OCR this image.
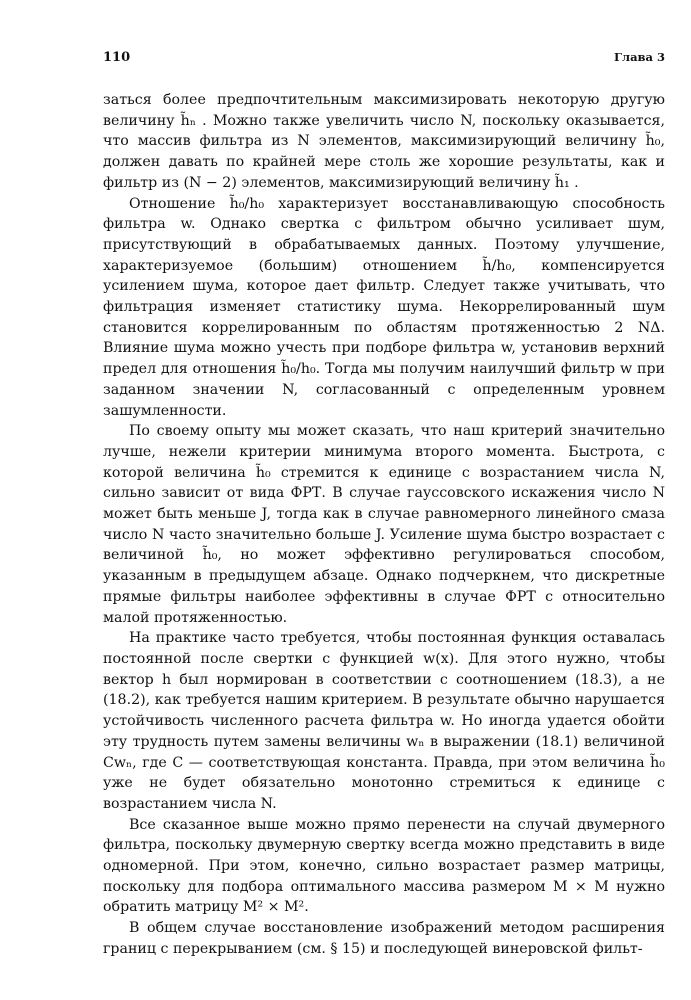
110	Глава 3

заться более предпочтительным максимизировать некоторую другую величину h̃ₙ . Можно также увеличить число N, поскольку оказывается, что массив фильтра из N элементов, максимизирующий величину h̃₀, должен давать по крайней мере столь же хорошие результаты, как и фильтр из (N − 2) элементов, максимизирующий величину h̃₁ .

Отношение h̃₀/h₀ характеризует восстанавливающую способность фильтра w. Однако свертка с фильтром обычно усиливает шум, присутствующий в обрабатываемых данных. Поэтому улучшение, характеризуемое (большим) отношением h̃/h₀, компенсируется усилением шума, которое дает фильтр. Следует также учитывать, что фильтрация изменяет статистику шума. Некоррелированный шум становится коррелированным по областям протяженностью 2 NΔ. Влияние шума можно учесть при подборе фильтра w, установив верхний предел для отношения h̃₀/h₀. Тогда мы получим наилучший фильтр w при заданном значении N, согласованный с определенным уровнем зашумленности.

По своему опыту мы может сказать, что наш критерий значительно лучше, нежели критерии минимума второго момента. Быстрота, с которой величина h̃₀ стремится к единице с возрастанием числа N, сильно зависит от вида ФРТ. В случае гауссовского искажения число N может быть меньше J, тогда как в случае равномерного линейного смаза число N часто значительно больше J. Усиление шума быстро возрастает с величиной h̃₀, но может эффективно регулироваться способом, указанным в предыдущем абзаце. Однако подчеркнем, что дискретные прямые фильтры наиболее эффективны в случае ФРТ с относительно малой протяженностью.

На практике часто требуется, чтобы постоянная функция оставалась постоянной после свертки с функцией w(x). Для этого нужно, чтобы вектор h был нормирован в соответствии с соотношением (18.3), а не (18.2), как требуется нашим критерием. В результате обычно нарушается устойчивость численного расчета фильтра w. Но иногда удается обойти эту трудность путем замены величины wₙ в выражении (18.1) величиной Cwₙ, где C — соответствующая константа. Правда, при этом величина h̃₀ уже не будет обязательно монотонно стремиться к единице с возрастанием числа N.

Все сказанное выше можно прямо перенести на случай двумерного фильтра, поскольку двумерную свертку всегда можно представить в виде одномерной. При этом, конечно, сильно возрастает размер матрицы, поскольку для подбора оптимального массива размером M × M нужно обратить матрицу M² × M².

В общем случае восстановление изображений методом расширения границ с перекрыванием (см. § 15) и последующей винеровской фильт-
